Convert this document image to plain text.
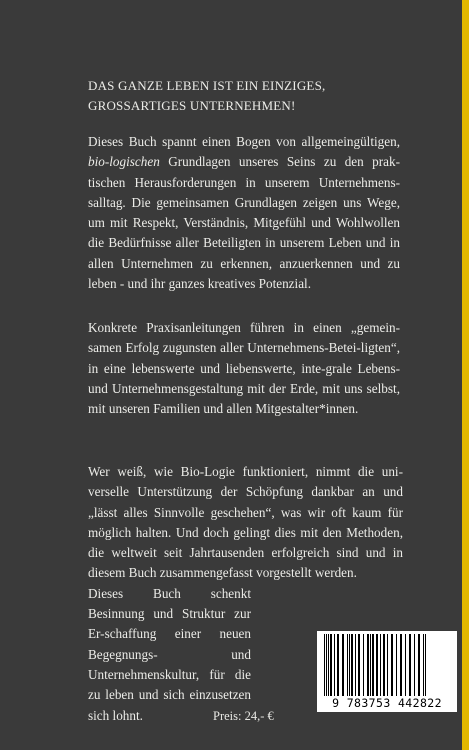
DAS GANZE LEBEN IST EIN EINZIGES,
GROSSARTIGES UNTERNEHMEN!

Dieses Buch spannt einen Bogen von allgemeingültigen, bio-logischen Grundlagen unseres Seins zu den prak-tischen Herausforderungen in unserem Unternehmens-salltag. Die gemeinsamen Grundlagen zeigen uns Wege, um mit Respekt, Verständnis, Mitgefühl und Wohlwollen die Bedürfnisse aller Beteiligten in unserem Leben und in allen Unternehmen zu erkennen, anzuerkennen und zu leben - und ihr ganzes kreatives Potenzial.

Konkrete Praxisanleitungen führen in einen „gemein-samen Erfolg zugunsten aller Unternehmens-Betei-ligten“, in eine lebenswerte und liebenswerte, inte-grale Lebens- und Unternehmensgestaltung mit der Erde, mit uns selbst, mit unseren Familien und allen Mitgestalter*innen.

Wer weiß, wie Bio-Logie funktioniert, nimmt die uni-verselle Unterstützung der Schöpfung dankbar an und „lässt alles Sinnvolle geschehen“, was wir oft kaum für möglich halten. Und doch gelingt dies mit den Methoden, die weltweit seit Jahrtausenden erfolgreich sind und in diesem Buch zusammengefasst vorgestellt werden.
Dieses Buch schenkt Besinnung und Struktur zur Er-schaffung einer neuen Begegnungs- und Unternehmenskultur, für die zu leben und sich einzusetzen sich lohnt.
9 783753 442822
Preis: 24,- €
